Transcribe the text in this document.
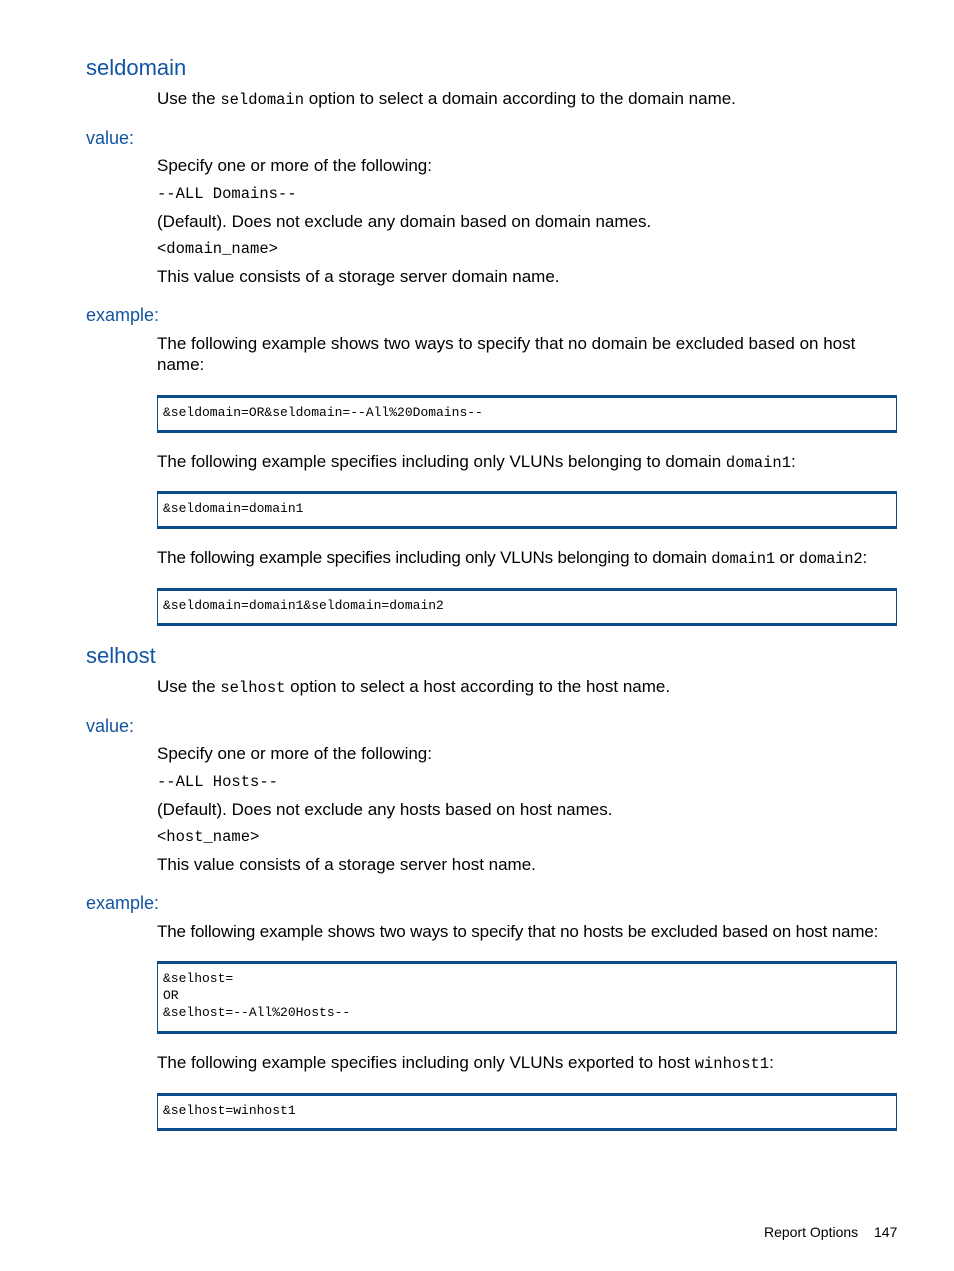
seldomain
Use the seldomain option to select a domain according to the domain name.
value:
Specify one or more of the following:
--ALL Domains--
(Default). Does not exclude any domain based on domain names.
<domain_name>
This value consists of a storage server domain name.
example:
The following example shows two ways to specify that no domain be excluded based on host name:
&seldomain=OR&seldomain=--All%20Domains--
The following example specifies including only VLUNs belonging to domain domain1:
&seldomain=domain1
The following example specifies including only VLUNs belonging to domain domain1 or domain2:
&seldomain=domain1&seldomain=domain2
selhost
Use the selhost option to select a host according to the host name.
value:
Specify one or more of the following:
--ALL Hosts--
(Default). Does not exclude any hosts based on host names.
<host_name>
This value consists of a storage server host name.
example:
The following example shows two ways to specify that no hosts be excluded based on host name:
&selhost=
OR
&selhost=--All%20Hosts--
The following example specifies including only VLUNs exported to host winhost1:
&selhost=winhost1
Report Options 147
